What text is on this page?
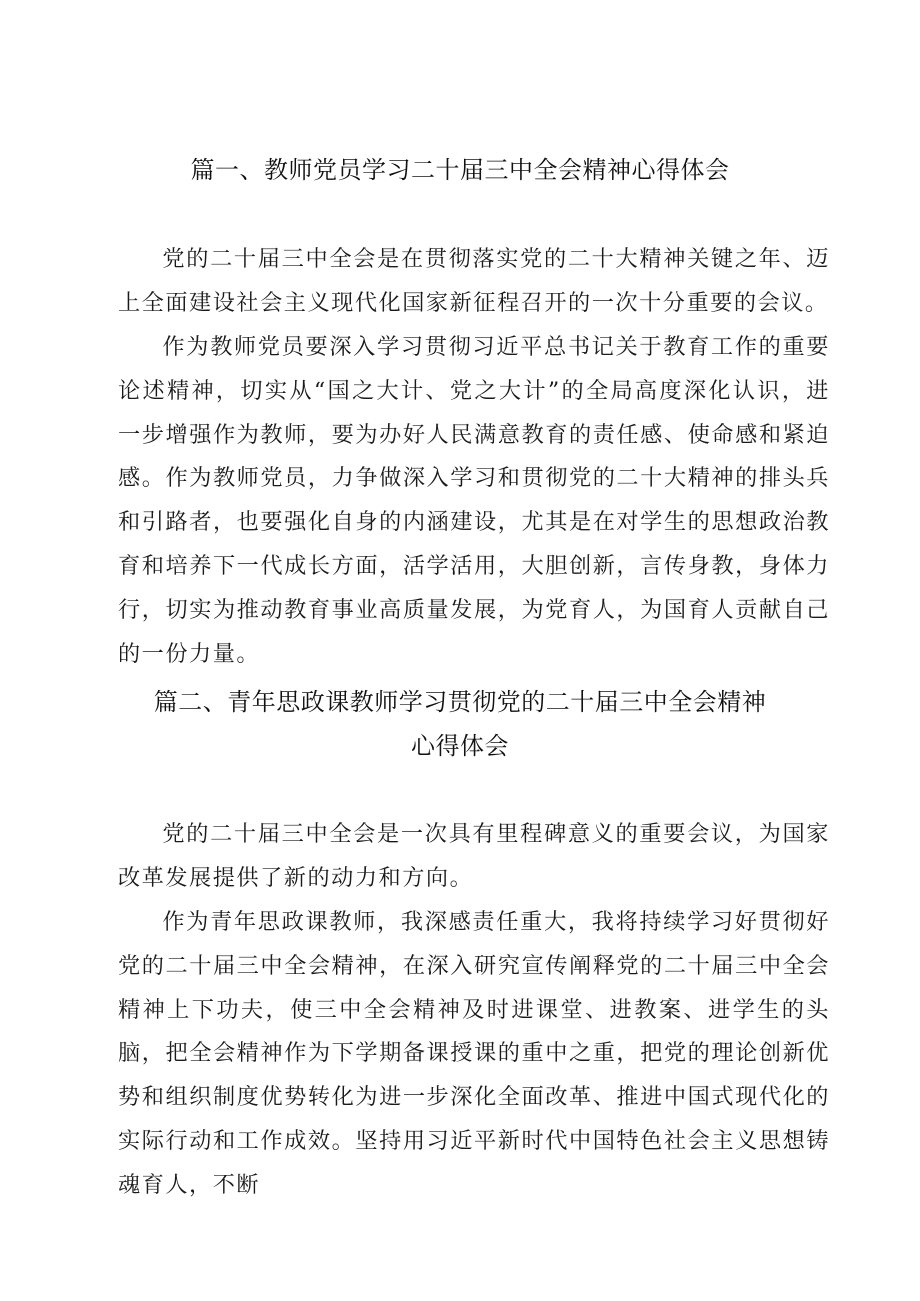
篇一、教师党员学习二十届三中全会精神心得体会

党的二十届三中全会是在贯彻落实党的二十大精神关键之年、迈上全面建设社会主义现代化国家新征程召开的一次十分重要的会议。

作为教师党员要深入学习贯彻习近平总书记关于教育工作的重要论述精神，切实从“国之大计、党之大计”的全局高度深化认识，进一步增强作为教师，要为办好人民满意教育的责任感、使命感和紧迫感。作为教师党员，力争做深入学习和贯彻党的二十大精神的排头兵和引路者，也要强化自身的内涵建设，尤其是在对学生的思想政治教育和培养下一代成长方面，活学活用，大胆创新，言传身教，身体力行，切实为推动教育事业高质量发展，为党育人，为国育人贡献自己的一份力量。

篇二、青年思政课教师学习贯彻党的二十届三中全会精神
心得体会

党的二十届三中全会是一次具有里程碑意义的重要会议，为国家改革发展提供了新的动力和方向。

作为青年思政课教师，我深感责任重大，我将持续学习好贯彻好党的二十届三中全会精神，在深入研究宣传阐释党的二十届三中全会精神上下功夫，使三中全会精神及时进课堂、进教案、进学生的头脑，把全会精神作为下学期备课授课的重中之重，把党的理论创新优势和组织制度优势转化为进一步深化全面改革、推进中国式现代化的实际行动和工作成效。坚持用习近平新时代中国特色社会主义思想铸魂育人，不断
